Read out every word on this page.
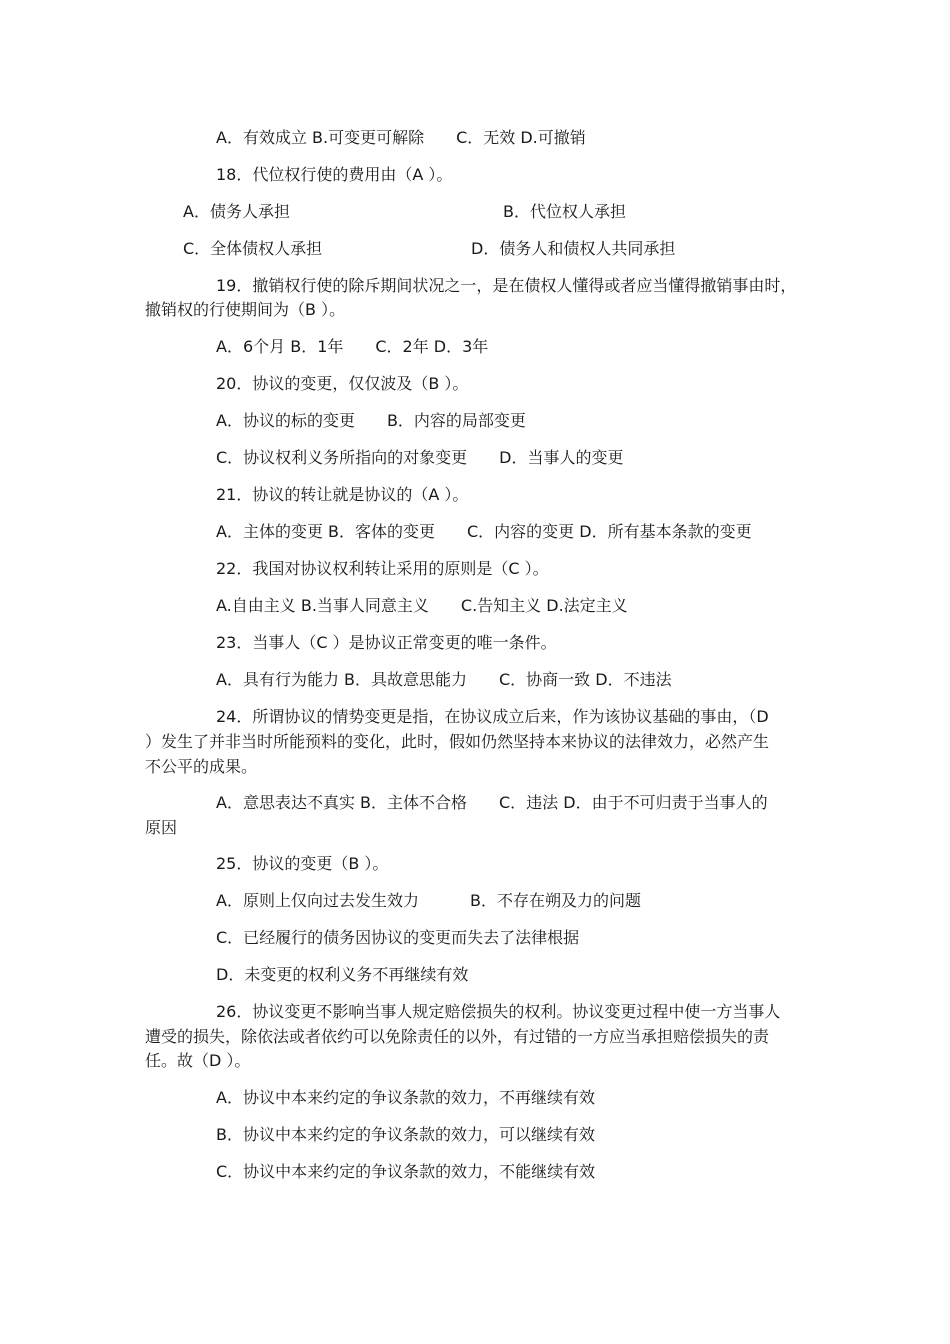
A．有效成立 B.可变更可解除　　C．无效 D.可撤销
18．代位权行使的费用由（A ）。
A．债务人承担	B．代位权人承担
C．全体债权人承担	D．债务人和债权人共同承担
19．撤销权行使的除斥期间状况之一，是在债权人懂得或者应当懂得撤销事由时，
撤销权的行使期间为（B ）。
A．6个月 B．1年　　C．2年 D．3年
20．协议的变更，仅仅波及（B ）。
A．协议的标的变更　　B．内容的局部变更
C．协议权利义务所指向的对象变更　　D．当事人的变更
21．协议的转让就是协议的（A ）。
A．主体的变更 B．客体的变更　　C．内容的变更 D．所有基本条款的变更
22．我国对协议权利转让采用的原则是（C ）。
A.自由主义 B.当事人同意主义　　C.告知主义 D.法定主义
23．当事人（C ）是协议正常变更的唯一条件。
A．具有行为能力 B．具故意思能力　　C．协商一致 D．不违法
24．所谓协议的情势变更是指，在协议成立后来，作为该协议基础的事由，（D
）发生了并非当时所能预料的变化，此时，假如仍然坚持本来协议的法律效力，必然产生
不公平的成果。
A．意思表达不真实 B．主体不合格　　C．违法 D．由于不可归责于当事人的
原因
25．协议的变更（B ）。
A．原则上仅向过去发生效力	B．不存在朔及力的问题
C．已经履行的债务因协议的变更而失去了法律根据
D．未变更的权利义务不再继续有效
26．协议变更不影响当事人规定赔偿损失的权利。协议变更过程中使一方当事人
遭受的损失，除依法或者依约可以免除责任的以外，有过错的一方应当承担赔偿损失的责
任。故（D ）。
A．协议中本来约定的争议条款的效力，不再继续有效
B．协议中本来约定的争议条款的效力，可以继续有效
C．协议中本来约定的争议条款的效力，不能继续有效
